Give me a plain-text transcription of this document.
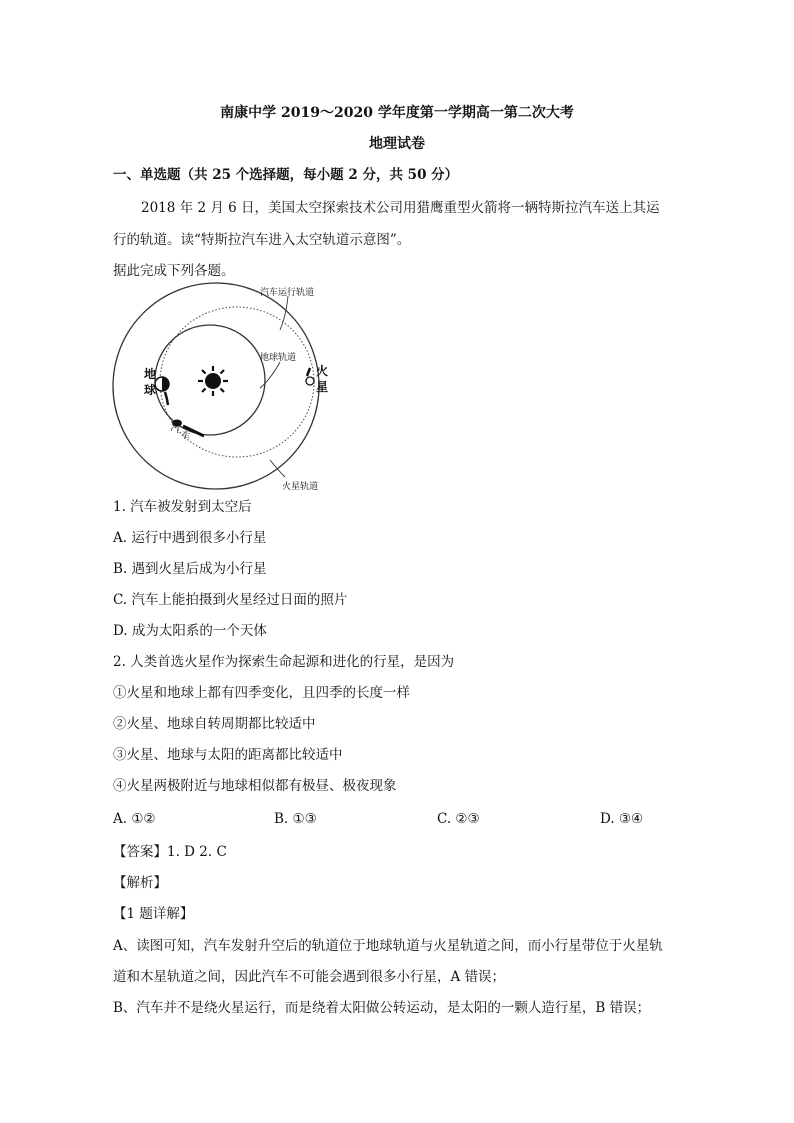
南康中学 2019～2020 学年度第一学期高一第二次大考
地理试卷
一、单选题（共 25 个选择题，每小题 2 分，共 50 分）
2018 年 2 月 6 日，美国太空探索技术公司用猎鹰重型火箭将一辆特斯拉汽车送上其运
行的轨道。读“特斯拉汽车进入太空轨道示意图”。
据此完成下列各题。
汽车运行轨道
地球轨道
火星轨道
地
球
火
星
汽
车
1. 汽车被发射到太空后
A. 运行中遇到很多小行星
B. 遇到火星后成为小行星
C. 汽车上能拍摄到火星经过日面的照片
D. 成为太阳系的一个天体
2. 人类首选火星作为探索生命起源和进化的行星，是因为
①火星和地球上都有四季变化，且四季的长度一样
②火星、地球自转周期都比较适中
③火星、地球与太阳的距离都比较适中
④火星两极附近与地球相似都有极昼、极夜现象
A. ①②	B. ①③	C. ②③	D. ③④
【答案】1. D 2. C
【解析】
【1 题详解】
A、读图可知，汽车发射升空后的轨道位于地球轨道与火星轨道之间，而小行星带位于火星轨
道和木星轨道之间，因此汽车不可能会遇到很多小行星，A 错误；
B、汽车并不是绕火星运行，而是绕着太阳做公转运动，是太阳的一颗人造行星，B 错误；
